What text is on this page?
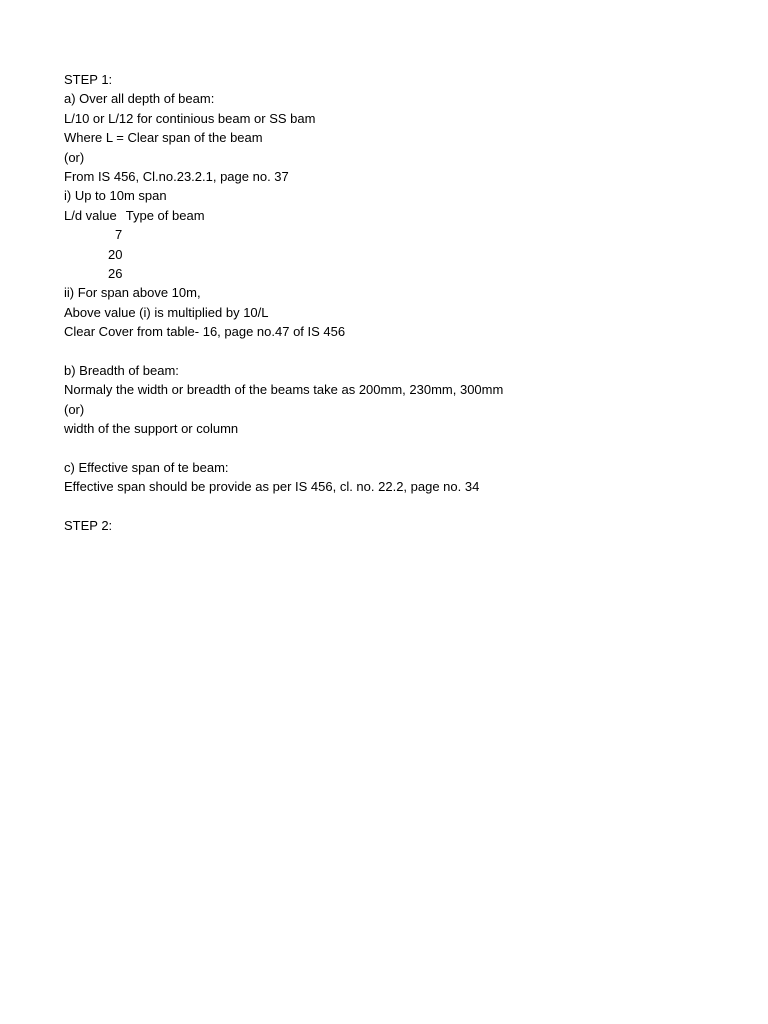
STEP 1:
a) Over all depth of beam:
L/10 or L/12 for continious beam or SS bam
Where L = Clear span of the beam
(or)
From IS 456, Cl.no.23.2.1, page no. 37
i) Up to 10m span
L/d value Type of beam
7
20
26
ii) For span above 10m,
Above value (i) is multiplied by 10/L
Clear Cover from table- 16, page no.47 of IS 456
b) Breadth of beam:
Normaly the width or breadth of the beams take as 200mm, 230mm, 300mm
(or)
width of the support or column
c) Effective span of te beam:
Effective span should be provide as per IS 456, cl. no. 22.2, page no. 34
STEP 2:
